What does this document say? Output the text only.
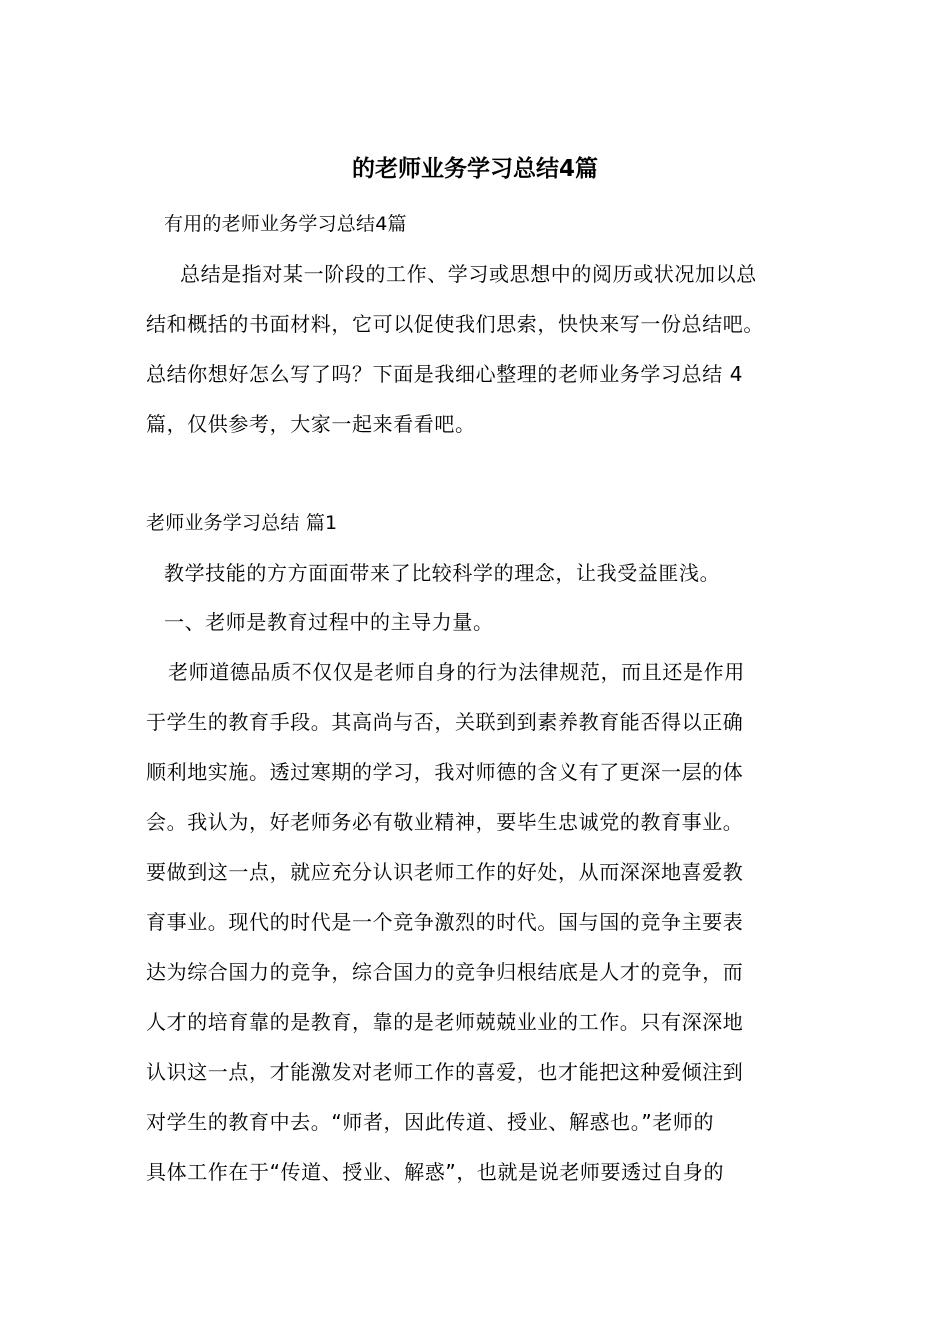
的老师业务学习总结4篇
有用的老师业务学习总结4篇
总结是指对某一阶段的工作、学习或思想中的阅历或状况加以总
结和概括的书面材料，它可以促使我们思索，快快来写一份总结吧。
总结你想好怎么写了吗？下面是我细心整理的老师业务学习总结 4
篇，仅供参考，大家一起来看看吧。
老师业务学习总结 篇1
教学技能的方方面面带来了比较科学的理念，让我受益匪浅。
一、老师是教育过程中的主导力量。
老师道德品质不仅仅是老师自身的行为法律规范，而且还是作用
于学生的教育手段。其高尚与否，关联到到素养教育能否得以正确
顺利地实施。透过寒期的学习，我对师德的含义有了更深一层的体
会。我认为，好老师务必有敬业精神，要毕生忠诚党的教育事业。
要做到这一点，就应充分认识老师工作的好处，从而深深地喜爱教
育事业。现代的时代是一个竞争激烈的时代。国与国的竞争主要表
达为综合国力的竞争，综合国力的竞争归根结底是人才的竞争，而
人才的培育靠的是教育，靠的是老师兢兢业业的工作。只有深深地
认识这一点，才能激发对老师工作的喜爱，也才能把这种爱倾注到
对学生的教育中去。“师者，因此传道、授业、解惑也。”老师的
具体工作在于“传道、授业、解惑”，也就是说老师要透过自身的
